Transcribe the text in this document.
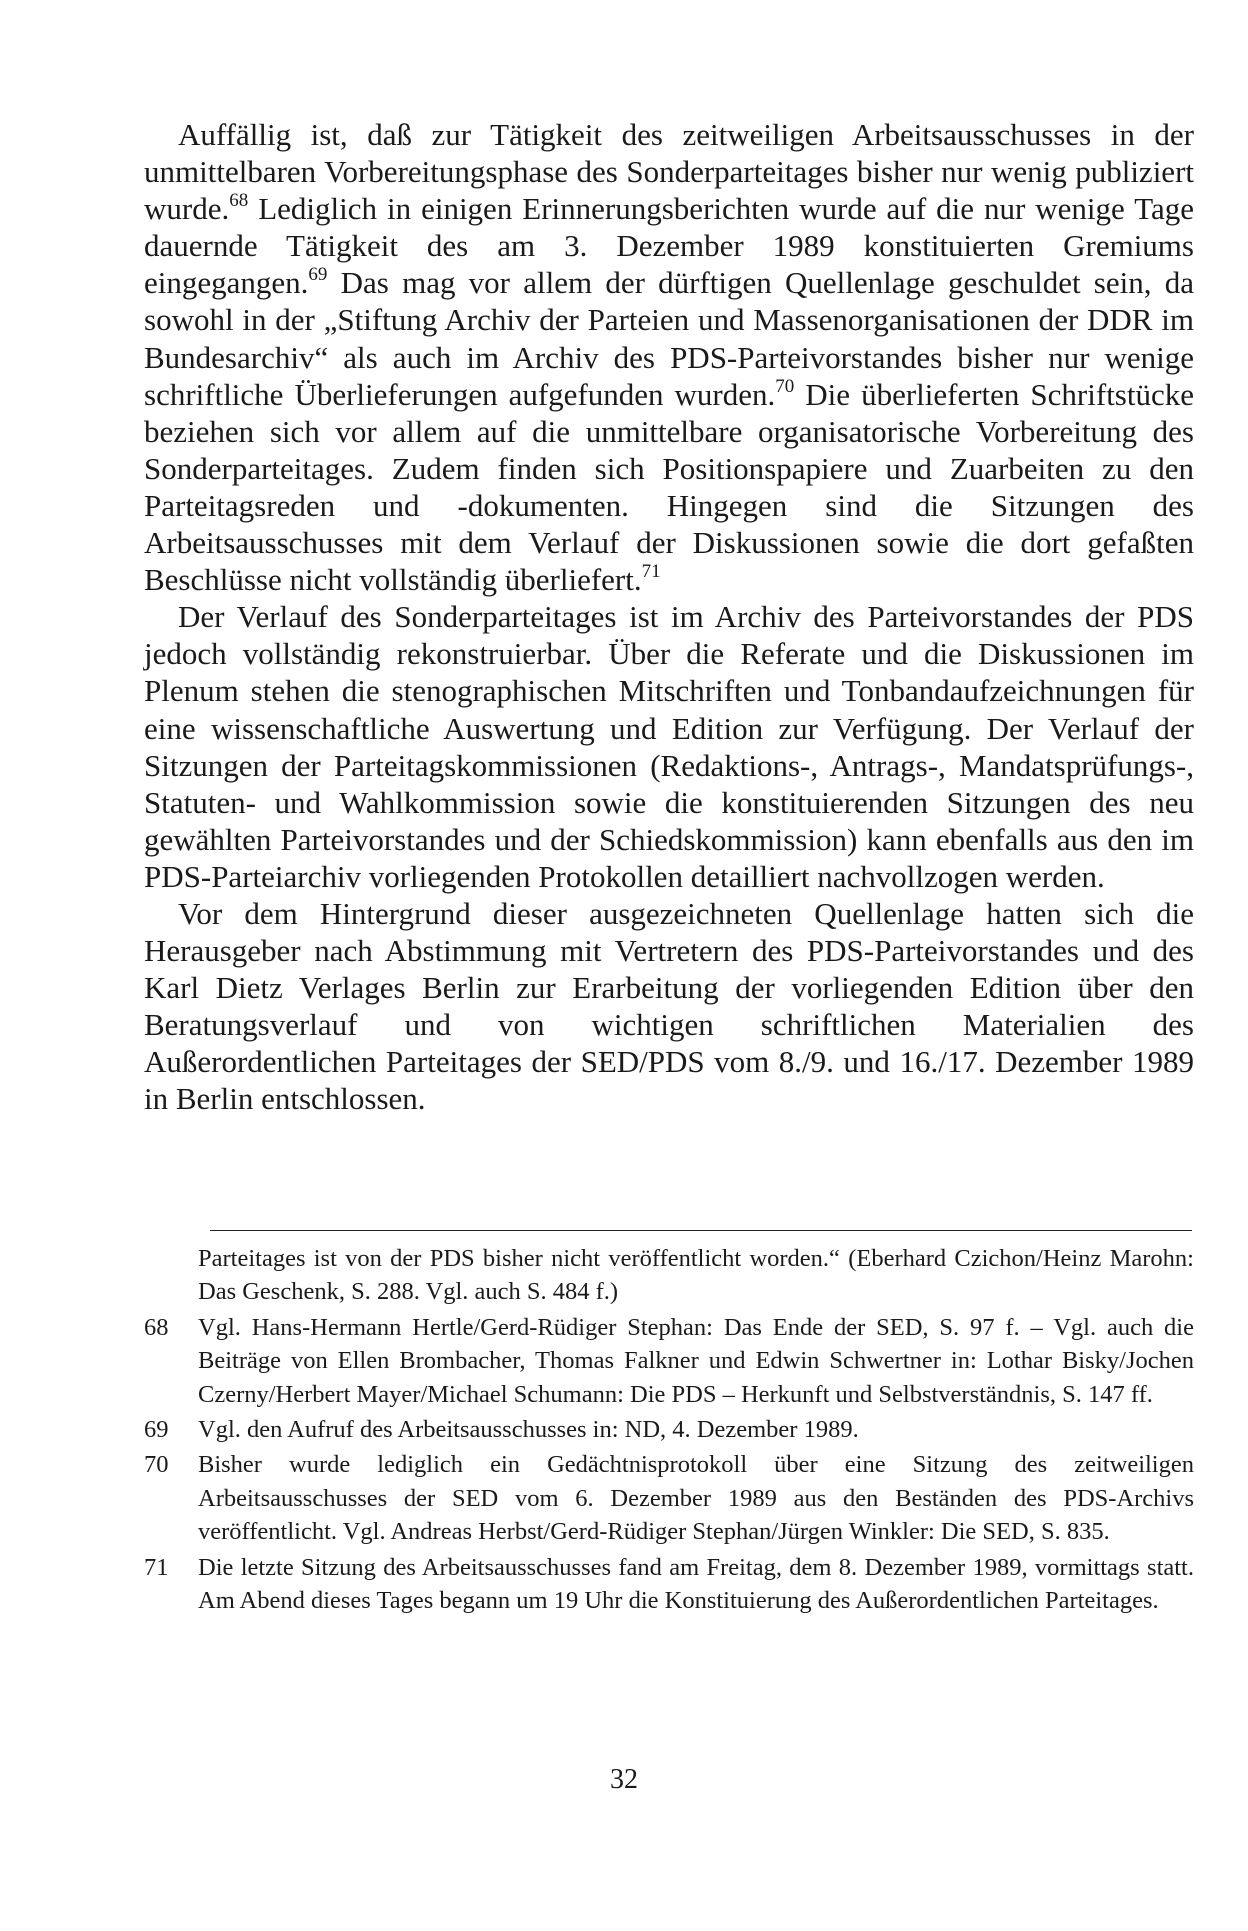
Auffällig ist, daß zur Tätigkeit des zeitweiligen Arbeitsausschusses in der unmittelbaren Vorbereitungsphase des Sonderparteitages bisher nur wenig publiziert wurde.$^{68}$ Lediglich in einigen Erinnerungsberichten wurde auf die nur wenige Tage dauernde Tätigkeit des am 3. Dezember 1989 konstituierten Gremiums eingegangen.$^{69}$ Das mag vor allem der dürftigen Quellenlage geschuldet sein, da sowohl in der „Stiftung Archiv der Parteien und Massenorganisationen der DDR im Bundesarchiv“ als auch im Archiv des PDS-Parteivorstandes bisher nur wenige schriftliche Überlieferungen aufgefunden wurden.$^{70}$ Die überlieferten Schriftstücke beziehen sich vor allem auf die unmittelbare organisatorische Vorbereitung des Sonderparteitages. Zudem finden sich Positionspapiere und Zuarbeiten zu den Parteitagsreden und -dokumenten. Hingegen sind die Sitzungen des Arbeitsausschusses mit dem Verlauf der Diskussionen sowie die dort gefaßten Beschlüsse nicht vollständig überliefert.$^{71}$

Der Verlauf des Sonderparteitages ist im Archiv des Parteivorstandes der PDS jedoch vollständig rekonstruierbar. Über die Referate und die Diskussionen im Plenum stehen die stenographischen Mitschriften und Tonbandaufzeichnungen für eine wissenschaftliche Auswertung und Edition zur Verfügung. Der Verlauf der Sitzungen der Parteitagskommissionen (Redaktions-, Antrags-, Mandatsprüfungs-, Statuten- und Wahlkommission sowie die konstituierenden Sitzungen des neu gewählten Parteivorstandes und der Schiedskommission) kann ebenfalls aus den im PDS-Parteiarchiv vorliegenden Protokollen detailliert nachvollzogen werden.

Vor dem Hintergrund dieser ausgezeichneten Quellenlage hatten sich die Herausgeber nach Abstimmung mit Vertretern des PDS-Parteivorstandes und des Karl Dietz Verlages Berlin zur Erarbeitung der vorliegenden Edition über den Beratungsverlauf und von wichtigen schriftlichen Materialien des Außerordentlichen Parteitages der SED/PDS vom 8./9. und 16./17. Dezember 1989 in Berlin entschlossen.

Parteitages ist von der PDS bisher nicht veröffentlicht worden.“ (Eberhard Czichon/Heinz Marohn: Das Geschenk, S. 288. Vgl. auch S. 484 f.)
68	Vgl. Hans-Hermann Hertle/Gerd-Rüdiger Stephan: Das Ende der SED, S. 97 f. – Vgl. auch die Beiträge von Ellen Brombacher, Thomas Falkner und Edwin Schwertner in: Lothar Bisky/Jochen Czerny/Herbert Mayer/Michael Schumann: Die PDS – Herkunft und Selbstverständnis, S. 147 ff.
69	Vgl. den Aufruf des Arbeitsausschusses in: ND, 4. Dezember 1989.
70	Bisher wurde lediglich ein Gedächtnisprotokoll über eine Sitzung des zeitweiligen Arbeitsausschusses der SED vom 6. Dezember 1989 aus den Beständen des PDS-Archivs veröffentlicht. Vgl. Andreas Herbst/Gerd-Rüdiger Stephan/Jürgen Winkler: Die SED, S. 835.
71	Die letzte Sitzung des Arbeitsausschusses fand am Freitag, dem 8. Dezember 1989, vormittags statt. Am Abend dieses Tages begann um 19 Uhr die Konstituierung des Außerordentlichen Parteitages.
32
